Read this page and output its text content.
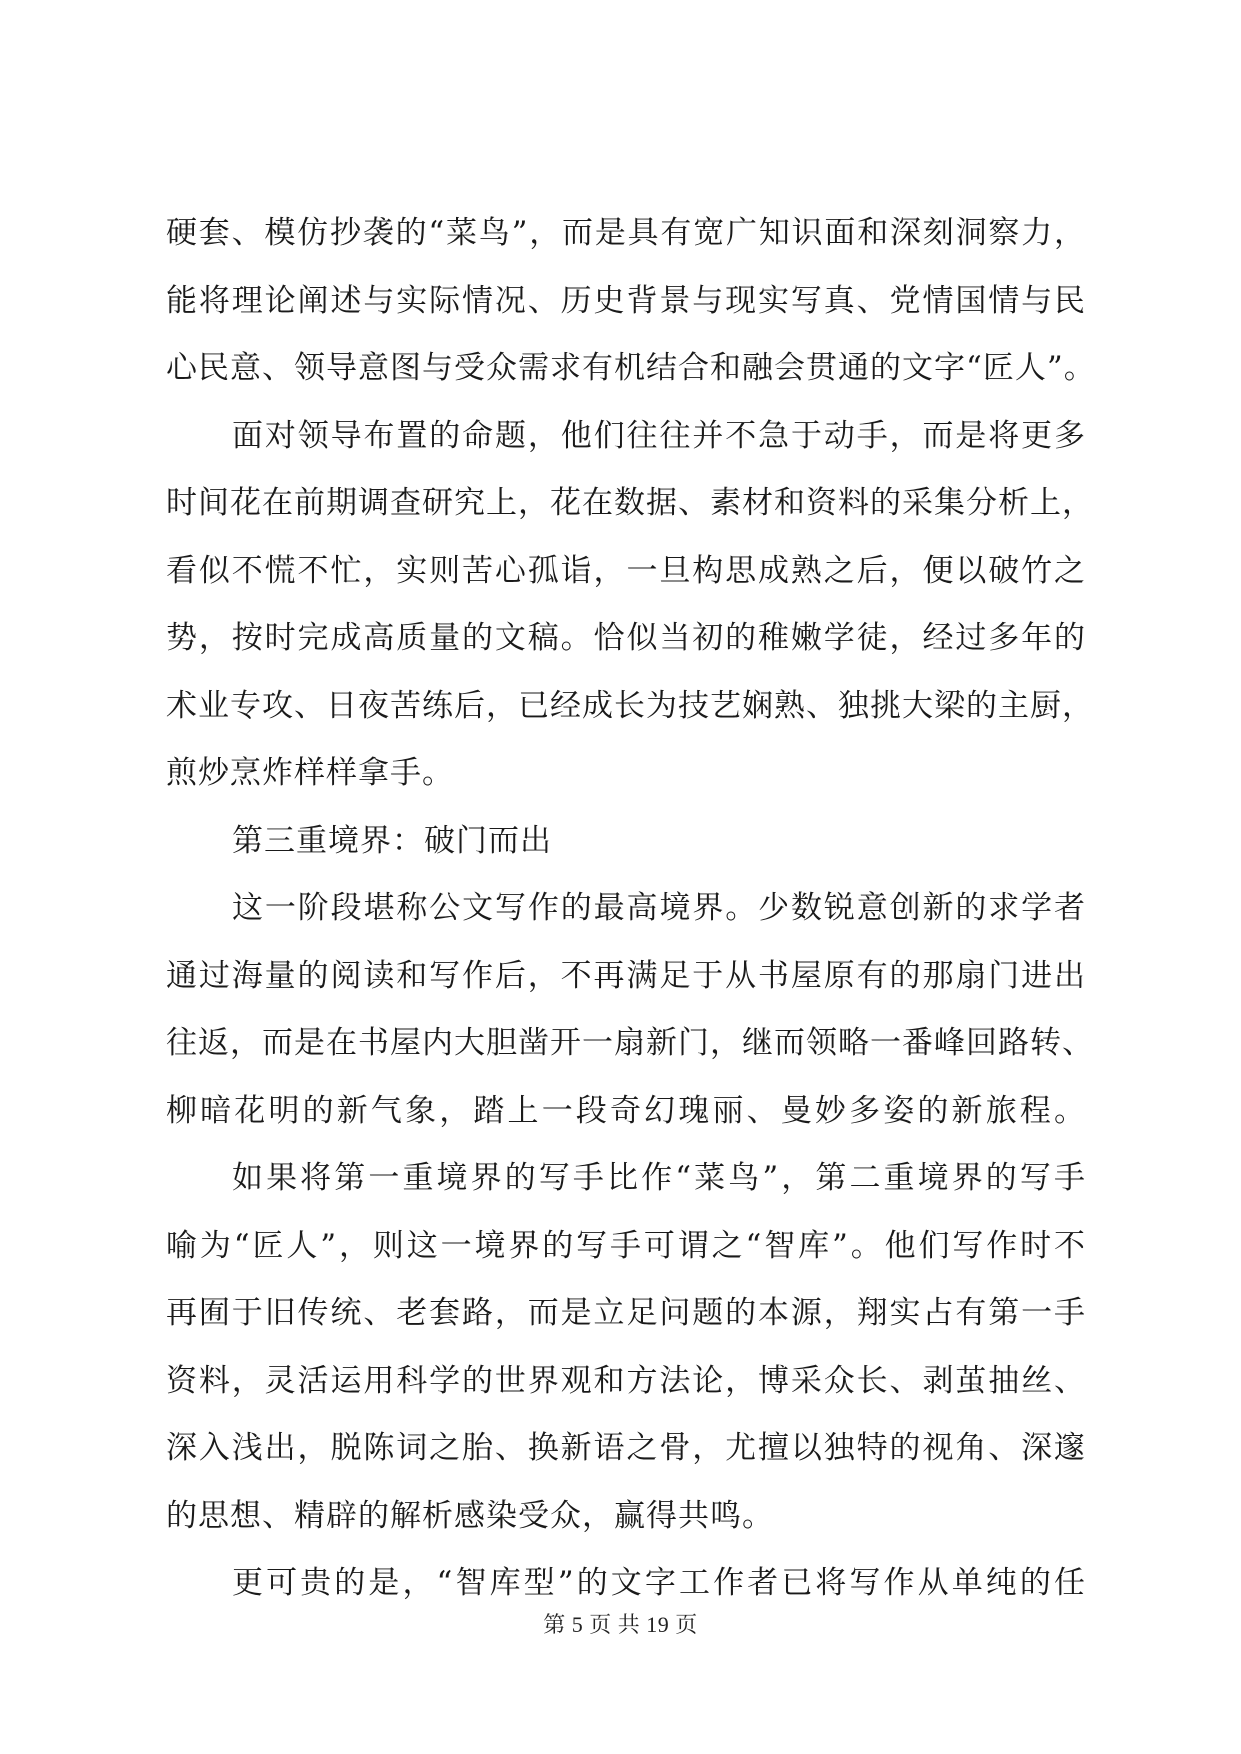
硬套、模仿抄袭的“菜鸟”，而是具有宽广知识面和深刻洞察力，
能将理论阐述与实际情况、历史背景与现实写真、党情国情与民
心民意、领导意图与受众需求有机结合和融会贯通的文字“匠人”。
面对领导布置的命题，他们往往并不急于动手，而是将更多
时间花在前期调查研究上，花在数据、素材和资料的采集分析上，
看似不慌不忙，实则苦心孤诣，一旦构思成熟之后，便以破竹之
势，按时完成高质量的文稿。恰似当初的稚嫩学徒，经过多年的
术业专攻、日夜苦练后，已经成长为技艺娴熟、独挑大梁的主厨，
煎炒烹炸样样拿手。
第三重境界：破门而出
这一阶段堪称公文写作的最高境界。少数锐意创新的求学者
通过海量的阅读和写作后，不再满足于从书屋原有的那扇门进出
往返，而是在书屋内大胆凿开一扇新门，继而领略一番峰回路转、
柳暗花明的新气象，踏上一段奇幻瑰丽、曼妙多姿的新旅程。
如果将第一重境界的写手比作“菜鸟”，第二重境界的写手
喻为“匠人”，则这一境界的写手可谓之“智库”。他们写作时不
再囿于旧传统、老套路，而是立足问题的本源，翔实占有第一手
资料，灵活运用科学的世界观和方法论，博采众长、剥茧抽丝、
深入浅出，脱陈词之胎、换新语之骨，尤擅以独特的视角、深邃
的思想、精辟的解析感染受众，赢得共鸣。
更可贵的是，“智库型”的文字工作者已将写作从单纯的任
第 5 页 共 19 页
